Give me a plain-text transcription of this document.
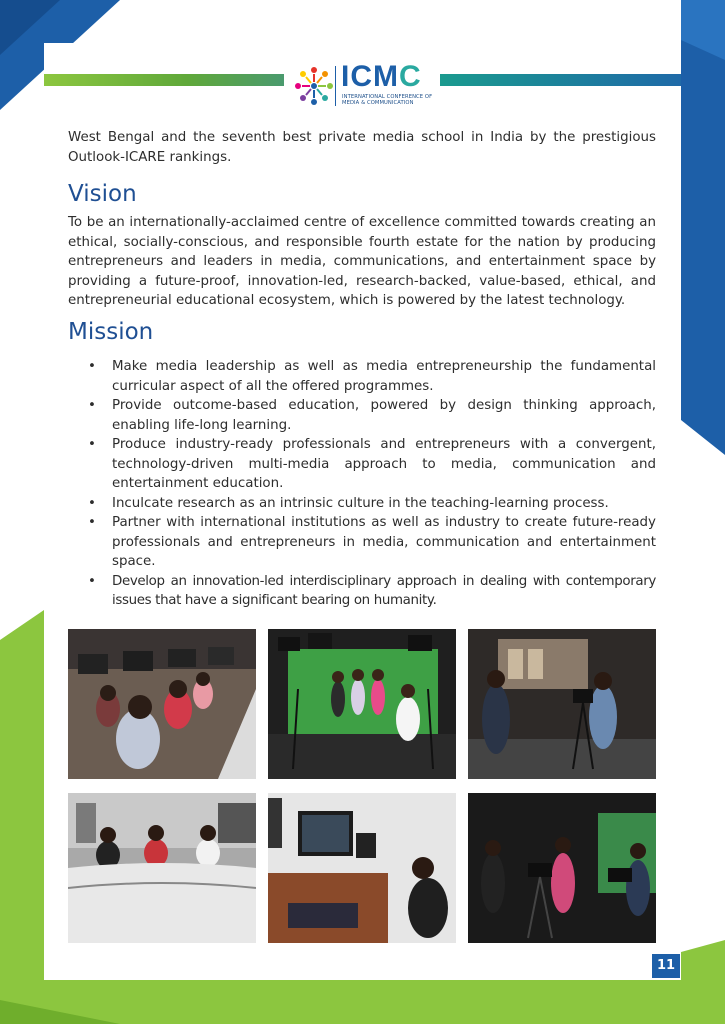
ICMC
INTERNATIONAL CONFERENCE OF
MEDIA & COMMUNICATION

West Bengal and the seventh best private media school in India by the prestigious Outlook-ICARE rankings.

Vision

To be an internationally-acclaimed centre of excellence committed towards creating an ethical, socially-conscious, and responsible fourth estate for the nation by producing entrepreneurs and leaders in media, communications, and entertainment space by providing a future-proof, innovation-led, research-backed, value-based, ethical, and entrepreneurial educational ecosystem, which is powered by the latest technology.

Mission
• Make media leadership as well as media entrepreneurship the fundamental curricular aspect of all the offered programmes.
• Provide outcome-based education, powered by design thinking approach, enabling life-long learning.
• Produce industry-ready professionals and entrepreneurs with a convergent, technology-driven multi-media approach to media, communication and entertainment education.
• Inculcate research as an intrinsic culture in the teaching-learning process.
• Partner with international institutions as well as industry to create future-ready professionals and entrepreneurs in media, communication and entertainment space.
• Develop an innovation-led interdisciplinary approach in dealing with contemporary issues that have a significant bearing on humanity.
11
